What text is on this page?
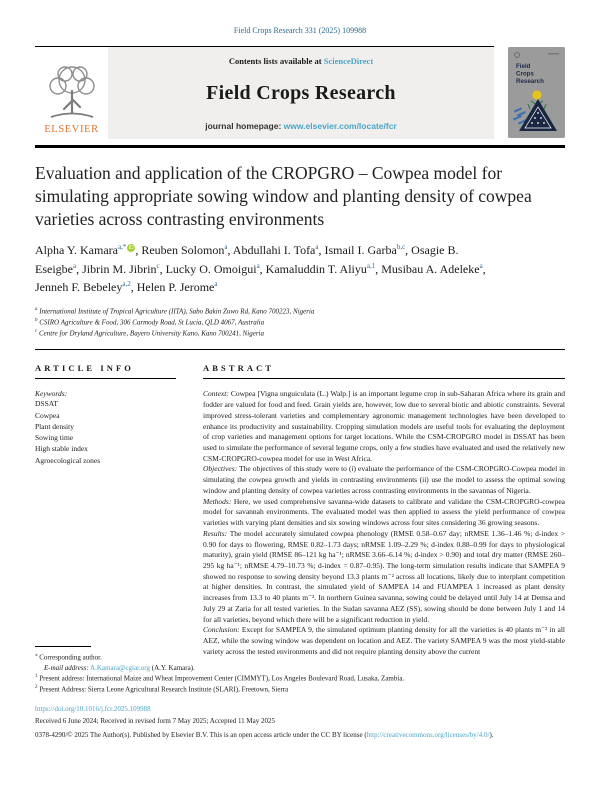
Field Crops Research 331 (2025) 109988
ELSEVIER
Contents lists available at ScienceDirect
Field Crops Research
journal homepage: www.elsevier.com/locate/fcr
Field
Crops
Research
Evaluation and application of the CROPGRO – Cowpea model for simulating appropriate sowing window and planting density of cowpea varieties across contrasting environments
Alpha Y. Kamara$^{a,*}$ iD , Reuben Solomon$^a$, Abdullahi I. Tofa$^a$, Ismail I. Garba$^{b,c}$, Osagie B. Eseigbe$^a$, Jibrin M. Jibrin$^c$, Lucky O. Omoigui$^a$, Kamaluddin T. Aliyu$^{a,1}$, Musibau A. Adeleke$^a$, Jenneh F. Bebeley$^{a,2}$, Helen P. Jerome$^a$
$^a$ International Institute of Tropical Agriculture (IITA), Sabo Bakin Zuwo Rd, Kano 700223, Nigeria
$^b$ CSIRO Agriculture & Food, 306 Carmody Road, St Lucia, QLD 4067, Australia
$^c$ Centre for Dryland Agriculture, Bayero University Kano, Kano 700241, Nigeria
ARTICLE INFO
Keywords:
DSSAT
Cowpea
Plant density
Sowing time
High stable index
Agroecological zones
ABSTRACT

Context: Cowpea [Vigna unguiculata (L.) Walp.] is an important legume crop in sub-Saharan Africa where its grain and fodder are valued for food and feed. Grain yields are, however, low due to several biotic and abiotic constraints. Several improved stress-tolerant varieties and complementary agronomic management technologies have been developed to enhance its productivity and sustainability. Cropping simulation models are useful tools for evaluating the deployment of crop varieties and management options for target locations. While the CSM-CROPGRO model in DSSAT has been used to simulate the performance of several legume crops, only a few studies have evaluated and used the relatively new CSM-CROPGRO-cowpea model for use in West Africa.

Objectives: The objectives of this study were to (i) evaluate the performance of the CSM-CROPGRO-Cowpea model in simulating the cowpea growth and yields in contrasting environments (ii) use the model to assess the optimal sowing window and planting density of cowpea varieties across contrasting environments in the savannas of Nigeria.

Methods: Here, we used comprehensive savanna-wide datasets to calibrate and validate the CSM-CROPGRO-cowpea model for savannah environments. The evaluated model was then applied to assess the yield performance of cowpea varieties with varying plant densities and six sowing windows across four sites considering 36 growing seasons.

Results: The model accurately simulated cowpea phenology (RMSE 0.58–0.67 day; nRMSE 1.36–1.46 %; d-index > 0.90 for days to flowering, RMSE 0.82–1.73 days; nRMSE 1.09–2.29 %; d-index 0.88–0.99 for days to physiological maturity), grain yield (RMSE 86–121 kg ha⁻¹; nRMSE 3.66–6.14 %; d-index > 0.90) and total dry matter (RMSE 260–295 kg ha⁻¹; nRMSE 4.79–10.73 %; d-index = 0.87–0.95). The long-term simulation results indicate that SAMPEA 9 showed no response to sowing density beyond 13.3 plants m⁻² across all locations, likely due to interplant competition at higher densities. In contrast, the simulated yield of SAMPEA 14 and FUAMPEA 1 increased as plant density increases from 13.3 to 40 plants m⁻². In northern Guinea savanna, sowing could be delayed until July 14 at Demsa and July 29 at Zaria for all tested varieties. In the Sudan savanna AEZ (SS), sowing should be done between July 1 and 14 for all varieties, beyond which there will be a significant reduction in yield.

Conclusion: Except for SAMPEA 9, the simulated optimum planting density for all the varieties is 40 plants m⁻² in all AEZ, while the sowing window was dependent on location and AEZ. The variety SAMPEA 9 was the most yield-stable variety across the tested environments and did not require planting density above the current

⁎ Corresponding author.
E-mail address: A.Kamara@cgiar.org (A.Y. Kamara).
$^1$ Present address: International Maize and Wheat Improvement Center (CIMMYT), Los Angeles Boulevard Road, Lusaka, Zambia.
$^2$ Present Address: Sierra Leone Agricultural Research Institute (SLARI), Freetown, Sierra
https://doi.org/10.1016/j.fcr.2025.109988
Received 6 June 2024; Received in revised form 7 May 2025; Accepted 11 May 2025
0378-4290/© 2025 The Author(s). Published by Elsevier B.V. This is an open access article under the CC BY license (http://creativecommons.org/licenses/by/4.0/).
